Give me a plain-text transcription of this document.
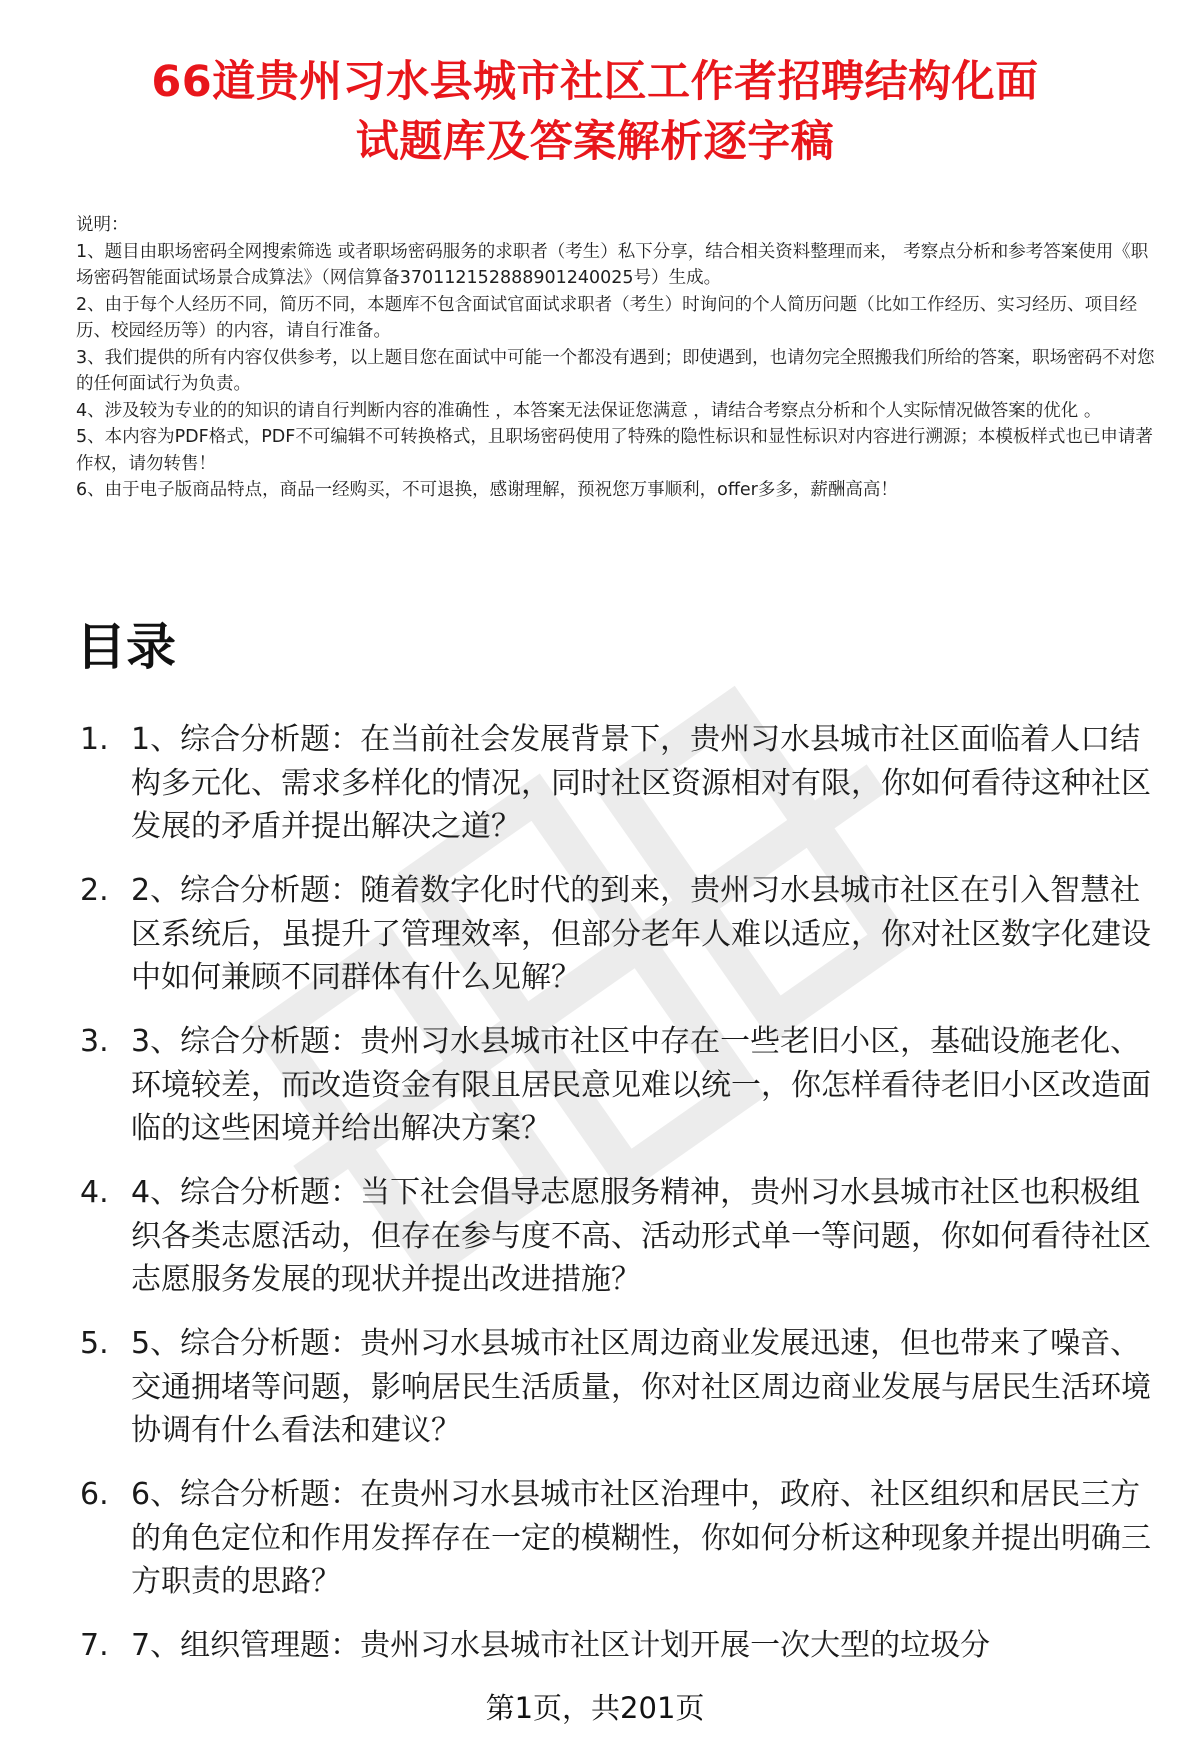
66道贵州习水县城市社区工作者招聘结构化面
试题库及答案解析逐字稿

说明：

1、题目由职场密码全网搜索筛选 或者职场密码服务的求职者（考生）私下分享，结合相关资料整理而来， 考察点分析和参考答案使用《职场密码智能面试场景合成算法》（网信算备370112152888901240025号）生成。

2、由于每个人经历不同，简历不同，本题库不包含面试官面试求职者（考生）时询问的个人简历问题（比如工作经历、实习经历、项目经历、校园经历等）的内容，请自行准备。

3、我们提供的所有内容仅供参考，以上题目您在面试中可能一个都没有遇到；即使遇到，也请勿完全照搬我们所给的答案，职场密码不对您的任何面试行为负责。

4、涉及较为专业的的知识的请自行判断内容的准确性 ，本答案无法保证您满意 ，请结合考察点分析和个人实际情况做答案的优化 。

5、本内容为PDF格式，PDF不可编辑不可转换格式，且职场密码使用了特殊的隐性标识和显性标识对内容进行溯源；本模板样式也已申请著作权，请勿转售！

6、由于电子版商品特点，商品一经购买，不可退换，感谢理解，预祝您万事顺利，offer多多，薪酬高高！

目录
1. 1、综合分析题：在当前社会发展背景下，贵州习水县城市社区面临着人口结构多元化、需求多样化的情况，同时社区资源相对有限，你如何看待这种社区发展的矛盾并提出解决之道？
2. 2、综合分析题：随着数字化时代的到来，贵州习水县城市社区在引入智慧社区系统后，虽提升了管理效率，但部分老年人难以适应，你对社区数字化建设中如何兼顾不同群体有什么见解？
3. 3、综合分析题：贵州习水县城市社区中存在一些老旧小区，基础设施老化、环境较差，而改造资金有限且居民意见难以统一，你怎样看待老旧小区改造面临的这些困境并给出解决方案？
4. 4、综合分析题：当下社会倡导志愿服务精神，贵州习水县城市社区也积极组织各类志愿活动，但存在参与度不高、活动形式单一等问题，你如何看待社区志愿服务发展的现状并提出改进措施？
5. 5、综合分析题：贵州习水县城市社区周边商业发展迅速，但也带来了噪音、交通拥堵等问题，影响居民生活质量，你对社区周边商业发展与居民生活环境协调有什么看法和建议？
6. 6、综合分析题：在贵州习水县城市社区治理中，政府、社区组织和居民三方的角色定位和作用发挥存在一定的模糊性，你如何分析这种现象并提出明确三方职责的思路？
7. 7、组织管理题：贵州习水县城市社区计划开展一次大型的垃圾分
第1页，共201页
